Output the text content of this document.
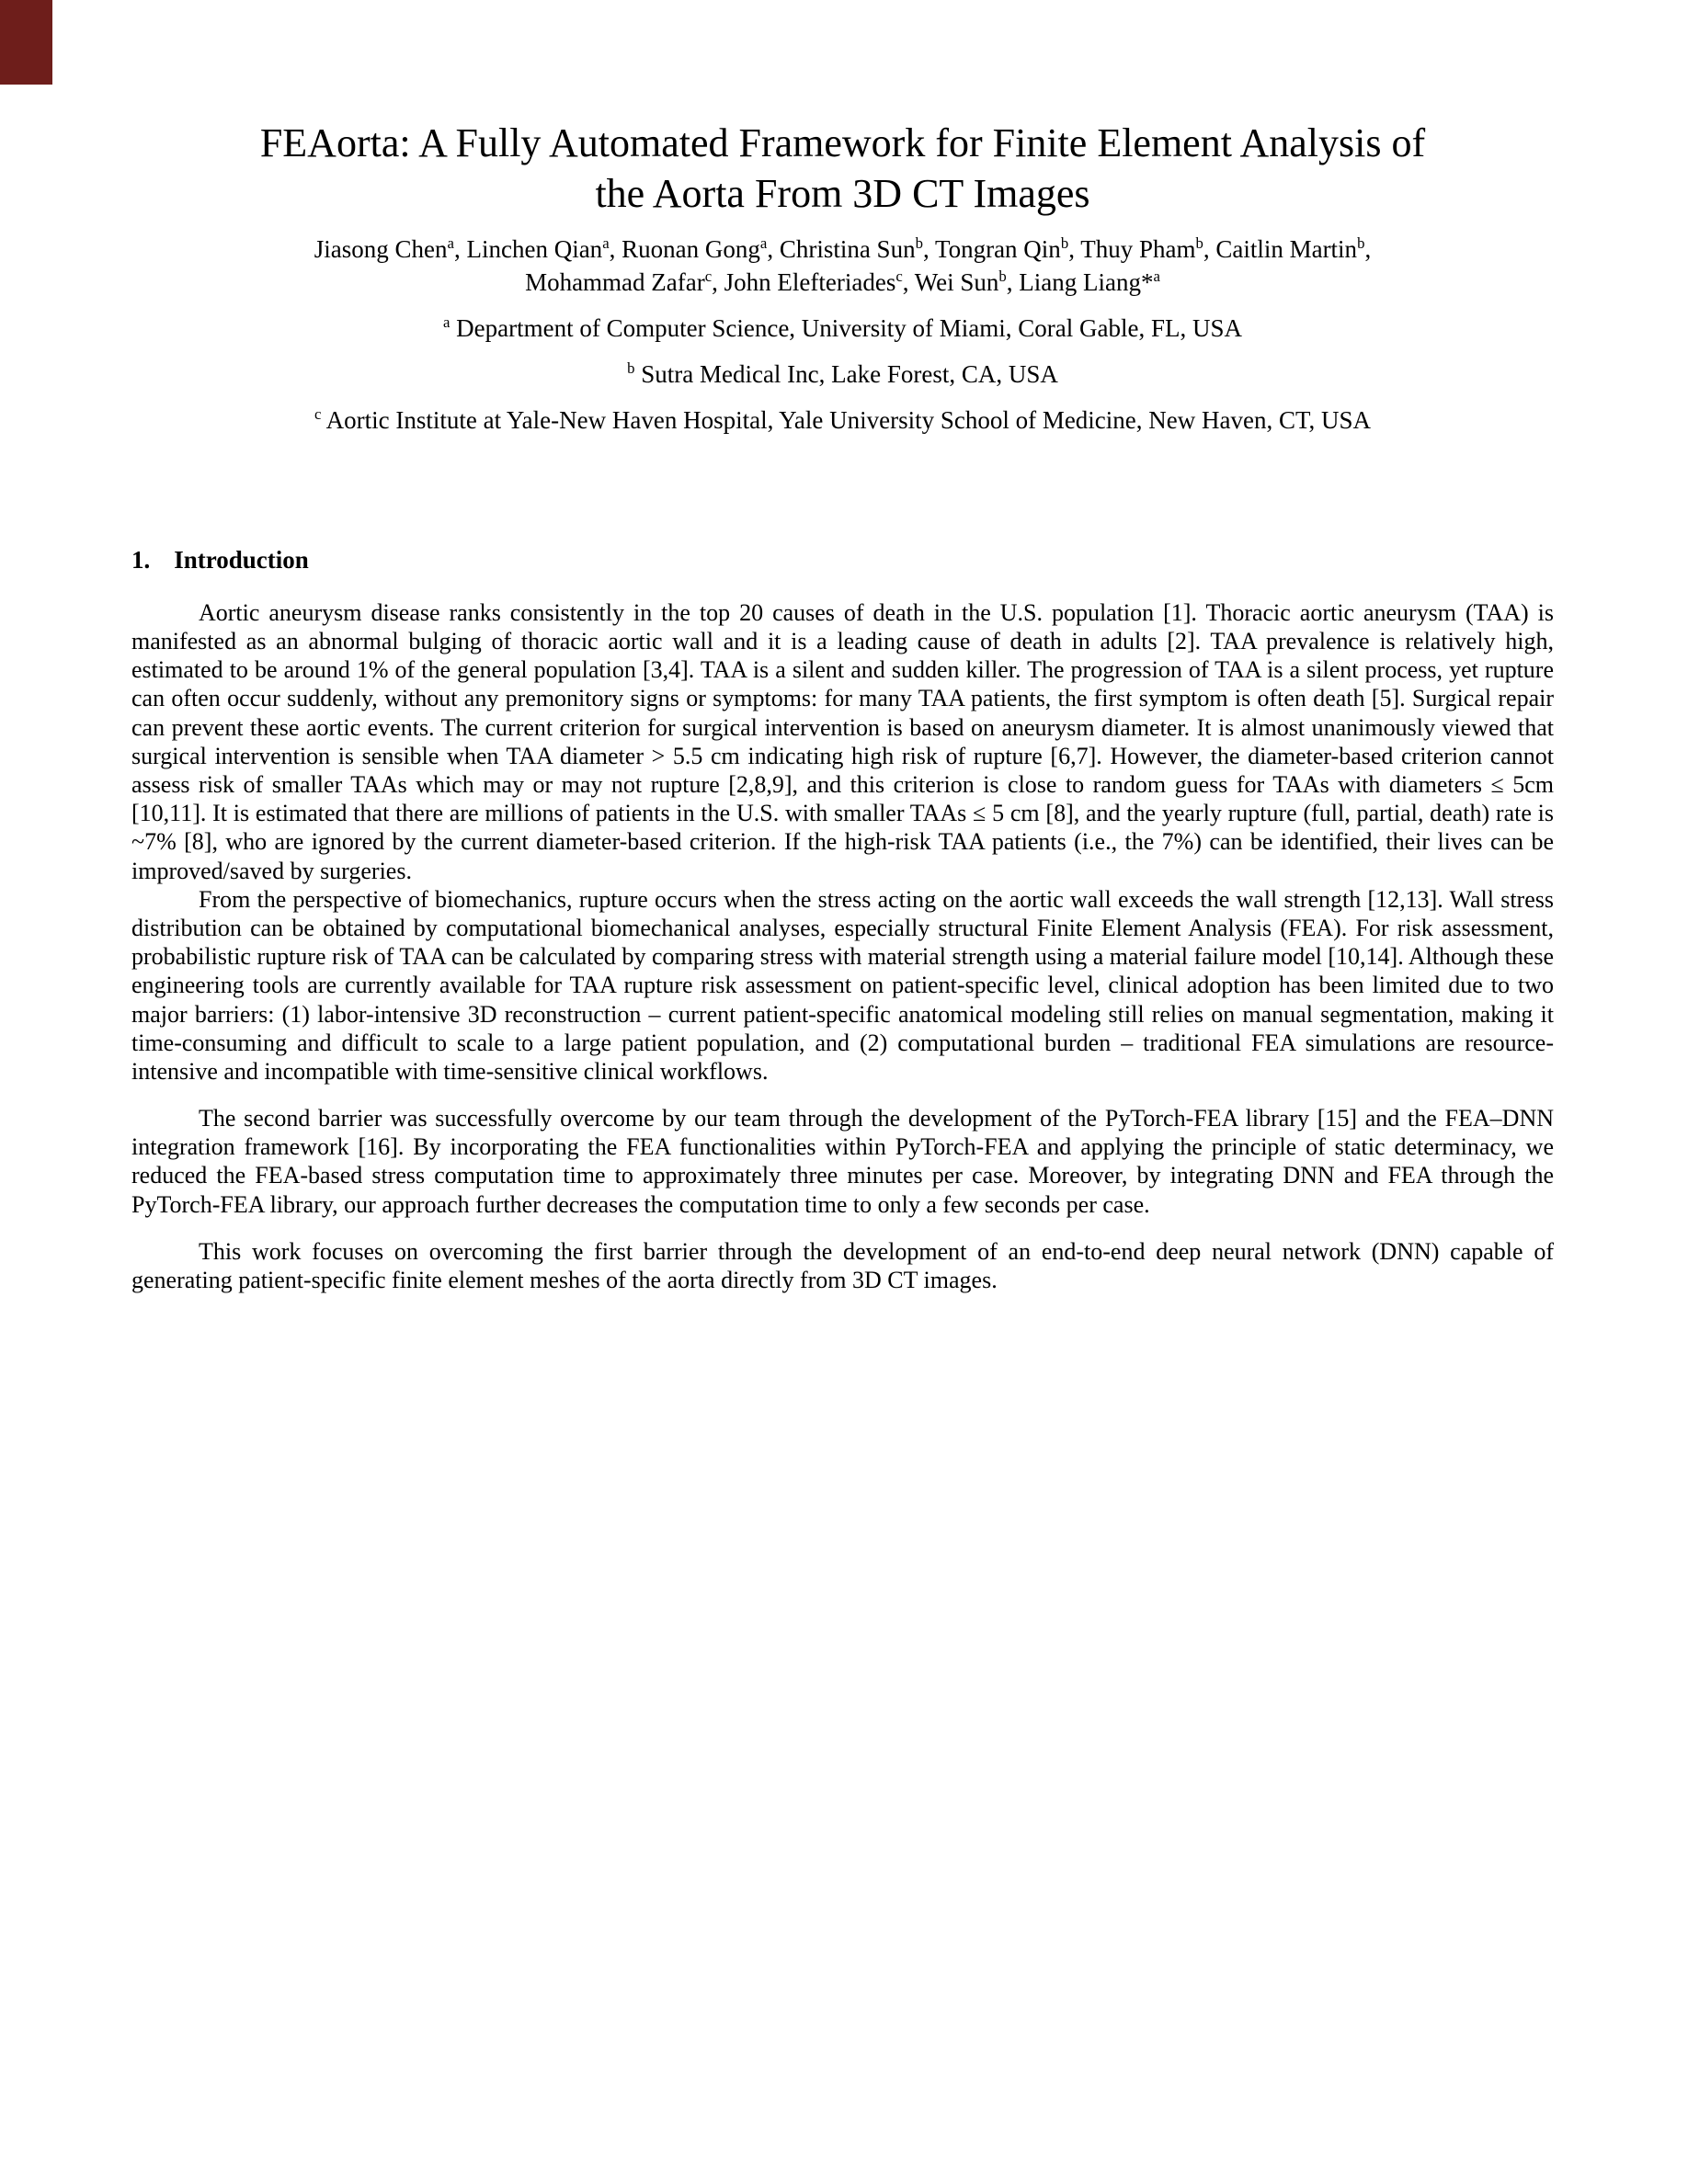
FEAorta: A Fully Automated Framework for Finite Element Analysis of
the Aorta From 3D CT Images
Jiasong Chen$^a$, Linchen Qian$^a$, Ruonan Gong$^a$, Christina Sun$^b$, Tongran Qin$^b$, Thuy Pham$^b$, Caitlin Martin$^b$,
Mohammad Zafar$^c$, John Elefteriades$^c$, Wei Sun$^b$, Liang Liang*$^a$
$^a$ Department of Computer Science, University of Miami, Coral Gable, FL, USA
$^b$ Sutra Medical Inc, Lake Forest, CA, USA
$^c$ Aortic Institute at Yale-New Haven Hospital, Yale University School of Medicine, New Haven, CT, USA
1. Introduction

Aortic aneurysm disease ranks consistently in the top 20 causes of death in the U.S. population [1]. Thoracic aortic aneurysm (TAA) is manifested as an abnormal bulging of thoracic aortic wall and it is a leading cause of death in adults [2]. TAA prevalence is relatively high, estimated to be around 1% of the general population [3,4]. TAA is a silent and sudden killer. The progression of TAA is a silent process, yet rupture can often occur suddenly, without any premonitory signs or symptoms: for many TAA patients, the first symptom is often death [5]. Surgical repair can prevent these aortic events. The current criterion for surgical intervention is based on aneurysm diameter. It is almost unanimously viewed that surgical intervention is sensible when TAA diameter > 5.5 cm indicating high risk of rupture [6,7]. However, the diameter-based criterion cannot assess risk of smaller TAAs which may or may not rupture [2,8,9], and this criterion is close to random guess for TAAs with diameters ≤ 5cm [10,11]. It is estimated that there are millions of patients in the U.S. with smaller TAAs ≤ 5 cm [8], and the yearly rupture (full, partial, death) rate is ~7% [8], who are ignored by the current diameter-based criterion. If the high-risk TAA patients (i.e., the 7%) can be identified, their lives can be improved/saved by surgeries.

From the perspective of biomechanics, rupture occurs when the stress acting on the aortic wall exceeds the wall strength [12,13]. Wall stress distribution can be obtained by computational biomechanical analyses, especially structural Finite Element Analysis (FEA). For risk assessment, probabilistic rupture risk of TAA can be calculated by comparing stress with material strength using a material failure model [10,14]. Although these engineering tools are currently available for TAA rupture risk assessment on patient-specific level, clinical adoption has been limited due to two major barriers: (1) labor-intensive 3D reconstruction – current patient-specific anatomical modeling still relies on manual segmentation, making it time-consuming and difficult to scale to a large patient population, and (2) computational burden – traditional FEA simulations are resource-intensive and incompatible with time-sensitive clinical workflows.

The second barrier was successfully overcome by our team through the development of the PyTorch-FEA library [15] and the FEA–DNN integration framework [16]. By incorporating the FEA functionalities within PyTorch-FEA and applying the principle of static determinacy, we reduced the FEA-based stress computation time to approximately three minutes per case. Moreover, by integrating DNN and FEA through the PyTorch-FEA library, our approach further decreases the computation time to only a few seconds per case.

This work focuses on overcoming the first barrier through the development of an end-to-end deep neural network (DNN) capable of generating patient-specific finite element meshes of the aorta directly from 3D CT images.
